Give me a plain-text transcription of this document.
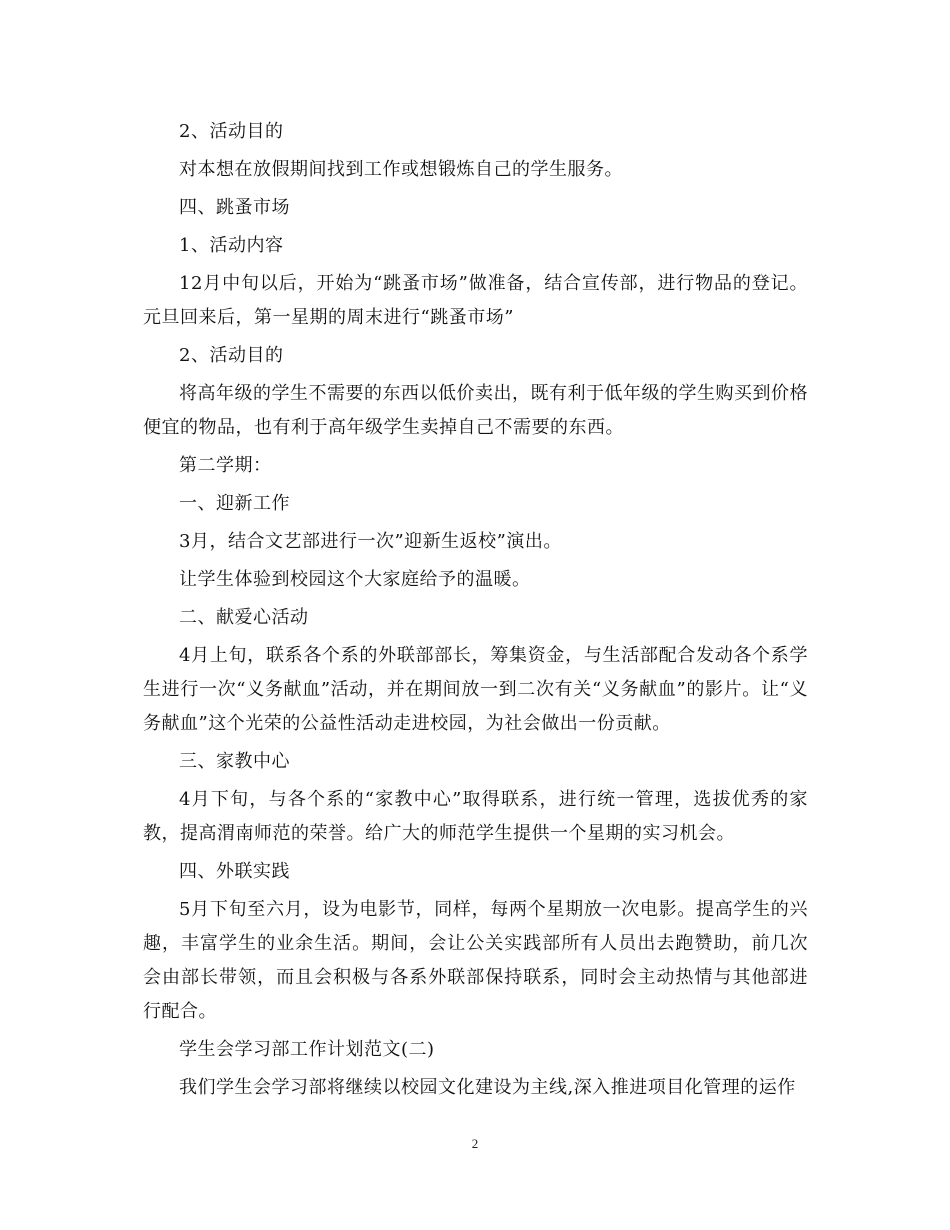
2、活动目的

对本想在放假期间找到工作或想锻炼自己的学生服务。

四、跳蚤市场

1、活动内容

12月中旬以后，开始为“跳蚤市场”做准备，结合宣传部，进行物品的登记。元旦回来后，第一星期的周末进行“跳蚤市场”

2、活动目的

将高年级的学生不需要的东西以低价卖出，既有利于低年级的学生购买到价格便宜的物品，也有利于高年级学生卖掉自己不需要的东西。

第二学期：

一、迎新工作

3月，结合文艺部进行一次”迎新生返校”演出。

让学生体验到校园这个大家庭给予的温暖。

二、献爱心活动

4月上旬，联系各个系的外联部部长，筹集资金，与生活部配合发动各个系学生进行一次“义务献血”活动，并在期间放一到二次有关“义务献血”的影片。让“义务献血”这个光荣的公益性活动走进校园，为社会做出一份贡献。

三、家教中心

4月下旬，与各个系的“家教中心”取得联系，进行统一管理，选拔优秀的家教，提高渭南师范的荣誉。给广大的师范学生提供一个星期的实习机会。

四、外联实践

5月下旬至六月，设为电影节，同样，每两个星期放一次电影。提高学生的兴趣，丰富学生的业余生活。期间，会让公关实践部所有人员出去跑赞助，前几次会由部长带领，而且会积极与各系外联部保持联系，同时会主动热情与其他部进行配合。

学生会学习部工作计划范文(二)

我们学生会学习部将继续以校园文化建设为主线,深入推进项目化管理的运作

2
